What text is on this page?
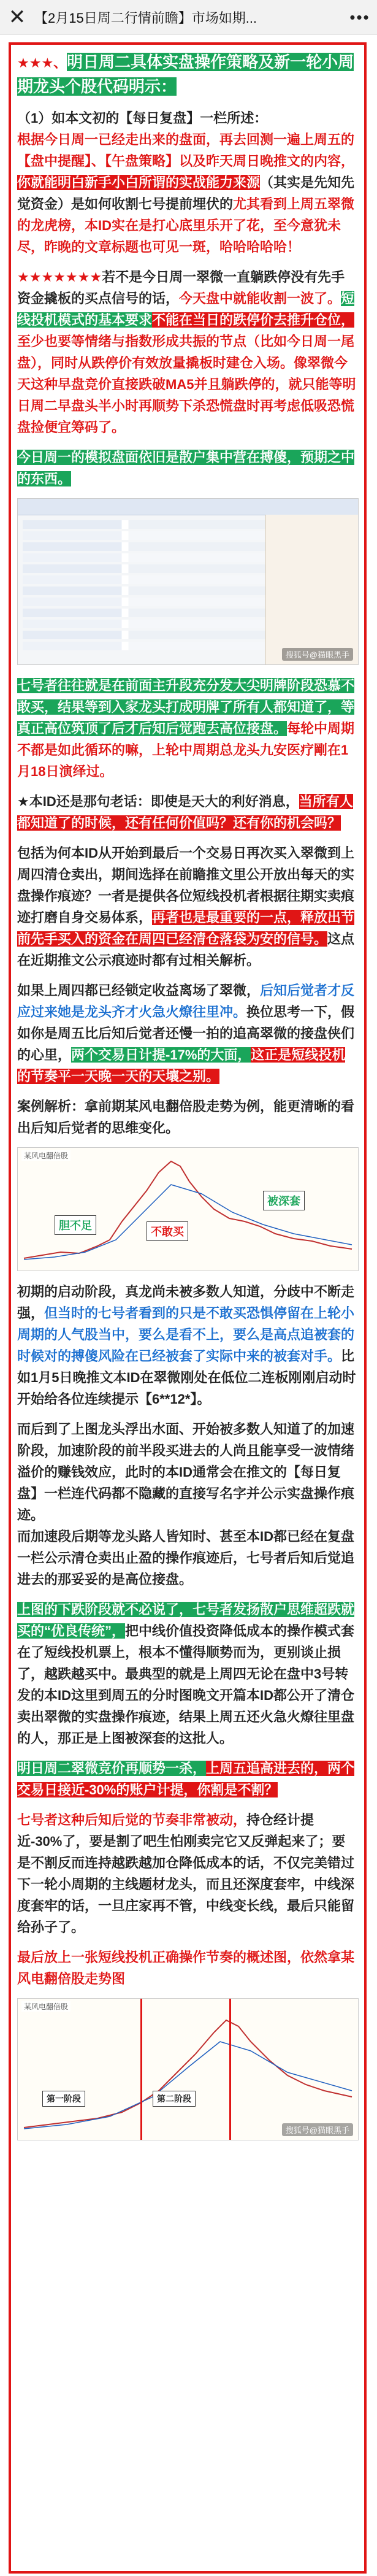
✕ 【2月15日周二行情前瞻】市场如期...	•••

★★★、明日周二具体实盘操作策略及新一轮小周期龙头个股代码明示：

（1）如本文初的【每日复盘】一栏所述：
根据今日周一已经走出来的盘面，再去回测一遍上周五的【盘中提醒】、【午盘策略】以及昨天周日晚推文的内容，你就能明白新手小白所谓的实战能力来源（其实是先知先觉资金）是如何收割七号提前埋伏的尤其看到上周五翠微的龙虎榜，本ID实在是打心底里乐开了花，至今意犹未尽，昨晚的文章标题也可见一斑，哈哈哈哈哈！

★★★★★★★若不是今日周一翠微一直躺跌停没有先手资金撬板的买点信号的话，今天盘中就能收割一波了。短线投机模式的基本要求不能在当日的跌停价去推升仓位，至少也要等情绪与指数形成共振的节点（比如今日周一尾盘），同时从跌停价有效放量撬板时建仓入场。像翠微今天这种早盘竞价直接跌破MA5并且躺跌停的，就只能等明日周二早盘头半小时再顺势下杀恐慌盘时再考虑低吸恐慌盘捡便宜筹码了。

今日周一的模拟盘面依旧是散户集中营在搏傻，预期之中的东西。

搜狐号@猫眼黑手

七号者往往就是在前面主升段充分发大尖明牌阶段恐慕不敢买，结果等到入家龙头打成明牌了所有人都知道了，等真正高位筑顶了后才后知后觉跑去高位接盘。每轮中周期不都是如此循环的嘛，上轮中周期总龙头九安医疗剛在1月18日演绎过。

★本ID还是那句老话：即使是天大的利好消息，当所有人都知道了的时候，还有任何价值吗？还有你的机会吗？

包括为何本ID从开始到最后一个交易日再次买入翠微到上周四清仓卖出，期间选择在前瞻推文里公开放出每天的实盘操作痕迹？一者是提供各位短线投机者根据往期实卖痕迹打磨自身交易体系，再者也是最重要的一点，释放出节前先手买入的资金在周四已经清仓落袋为安的信号。这点在近期推文公示痕迹时都有过相关解析。

如果上周四都已经锁定收益离场了翠微，后知后觉者才反应过来她是龙头齐才火急火燎往里冲。换位思考一下，假如你是周五比后知后觉者还慢一拍的追高翠微的接盘侠们的心里，两个交易日计提-17%的大面，这正是短线投机的节奏平一天晚一天的天壤之别。

案例解析：拿前期某风电翻倍股走势为例，能更清晰的看出后知后觉者的思维变化。

某风电翻倍股
胆不足	不敢买
被深套

初期的启动阶段，真龙尚未被多数人知道，分歧中不断走强，但当时的七号者看到的只是不敢买恐惧停留在上轮小周期的人气股当中，要么是看不上，要么是高点追被套的时候对的搏傻风险在已经被套了实际中来的被套对手。比如1月5日晚推文本ID在翠微刚处在低位二连板刚刚启动时开始给各位连续提示【6**12*】。

而后到了上图龙头浮出水面、开始被多数人知道了的加速阶段，加速阶段的前半段买进去的人尚且能享受一波情绪溢价的赚钱效应，此时的本ID通常会在推文的【每日复盘】一栏连代码都不隐藏的直接写名字并公示实盘操作痕迹。
而加速段后期等龙头路人皆知时、甚至本ID都已经在复盘一栏公示清仓卖出止盈的操作痕迹后，七号者后知后觉追进去的那妥妥的是高位接盘。

上图的下跌阶段就不必说了，七号者发扬散户思维超跌就买的“优良传统”，把中线价值投资降低成本的操作模式套在了短线投机票上，根本不懂得顺势而为，更别谈止损了，越跌越买中。最典型的就是上周四无论在盘中3号转发的本ID这里到周五的分时图晚文开篇本ID都公开了清仓卖出翠微的实盘操作痕迹，结果上周五还火急火燎往里盘的人，那正是上图被深套的这批人。

明日周二翠微竞价再顺势一杀，上周五追高进去的，两个交易日接近-30%的账户计提，你割是不割？

七号者这种后知后觉的节奏非常被动，持仓经计提近-30%了，要是割了吧生怕刚卖完它又反弹起来了；要是不割反而连持越跌越加仓降低成本的话，不仅完美错过下一轮小周期的主线题材龙头，而且还深度套牢，中线深度套牢的话，一旦庄家再不管，中线变长线，最后只能留给孙子了。

最后放上一张短线投机正确操作节奏的概述图，依然拿某风电翻倍股走势图

某风电翻倍股
第一阶段	第二阶段
搜狐号@猫眼黑手
